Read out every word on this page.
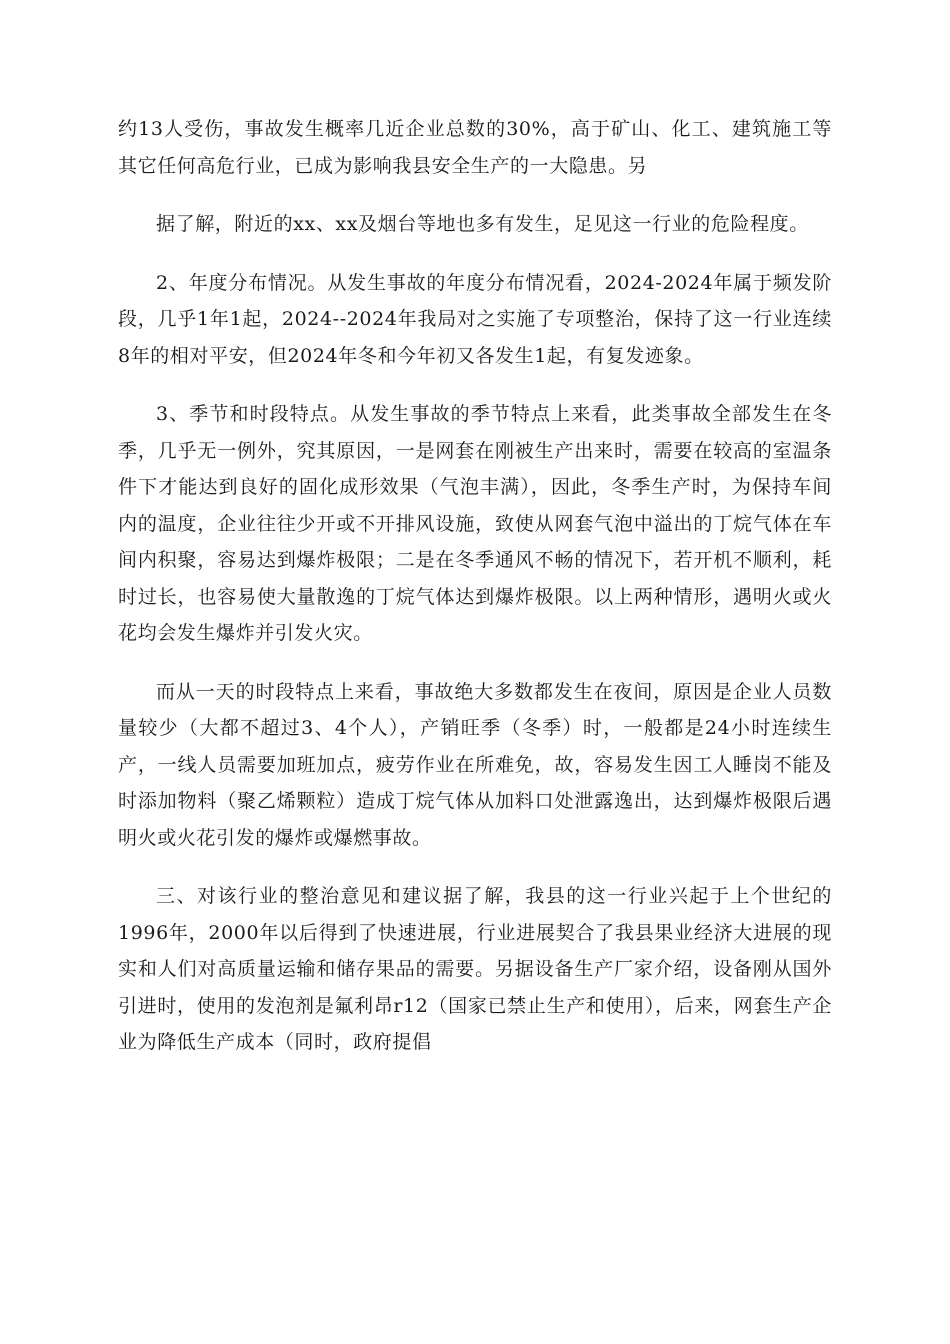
约13人受伤，事故发生概率几近企业总数的30%，高于矿山、化工、建筑施工等其它任何高危行业，已成为影响我县安全生产的一大隐患。另

据了解，附近的xx、xx及烟台等地也多有发生，足见这一行业的危险程度。

2、年度分布情况。从发生事故的年度分布情况看，2024-2024年属于频发阶段，几乎1年1起，2024--2024年我局对之实施了专项整治，保持了这一行业连续8年的相对平安，但2024年冬和今年初又各发生1起，有复发迹象。

3、季节和时段特点。从发生事故的季节特点上来看，此类事故全部发生在冬季，几乎无一例外，究其原因，一是网套在刚被生产出来时，需要在较高的室温条件下才能达到良好的固化成形效果（气泡丰满），因此，冬季生产时，为保持车间内的温度，企业往往少开或不开排风设施，致使从网套气泡中溢出的丁烷气体在车间内积聚，容易达到爆炸极限；二是在冬季通风不畅的情况下，若开机不顺利，耗时过长，也容易使大量散逸的丁烷气体达到爆炸极限。以上两种情形，遇明火或火花均会发生爆炸并引发火灾。

而从一天的时段特点上来看，事故绝大多数都发生在夜间，原因是企业人员数量较少（大都不超过3、4个人），产销旺季（冬季）时，一般都是24小时连续生产，一线人员需要加班加点，疲劳作业在所难免，故，容易发生因工人睡岗不能及时添加物料（聚乙烯颗粒）造成丁烷气体从加料口处泄露逸出，达到爆炸极限后遇明火或火花引发的爆炸或爆燃事故。

三、对该行业的整治意见和建议据了解，我县的这一行业兴起于上个世纪的1996年，2000年以后得到了快速进展，行业进展契合了我县果业经济大进展的现实和人们对高质量运输和储存果品的需要。另据设备生产厂家介绍，设备刚从国外引进时，使用的发泡剂是氟利昂r12（国家已禁止生产和使用），后来，网套生产企业为降低生产成本（同时，政府提倡
